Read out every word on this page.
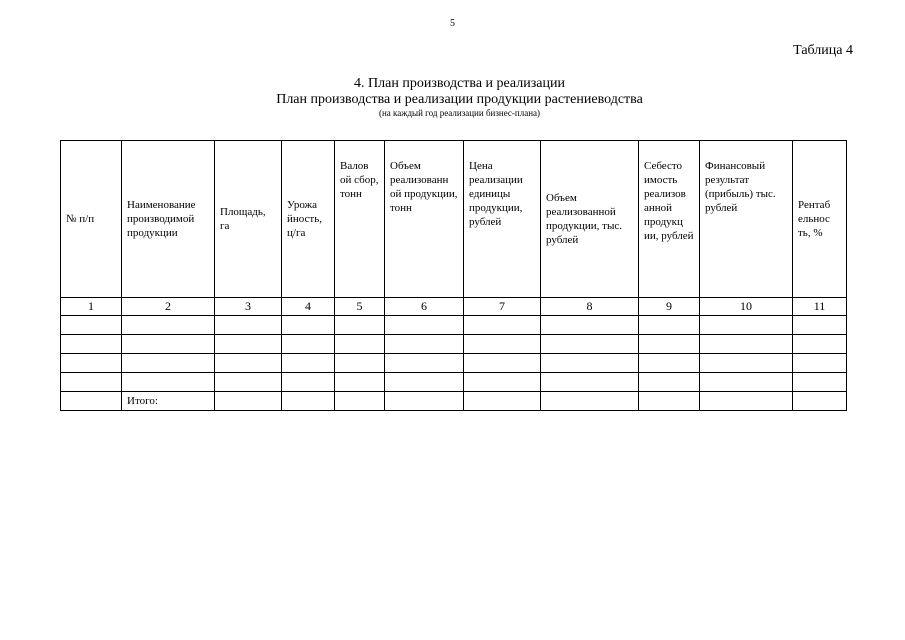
5
Таблица 4
4. План производства и реализации
План производства и реализации продукции растениеводства
(на каждый год реализации бизнес-плана)
№ п/п	Наименование производимой продукции	Площадь, га	Урожа йность, ц/га	Валов ой сбор, тонн	Объем реализованн ой продукции, тонн	Цена реализации единицы продукции, рублей	Объем реализованной продукции, тыс. рублей	Себесто имость реализов анной продукц ии, рублей	Финансовый результат (прибыль) тыс. рублей	Рентаб ельнос ть, %
1	2	3	4	5	6	7	8	9	10	11

	Итого:									
